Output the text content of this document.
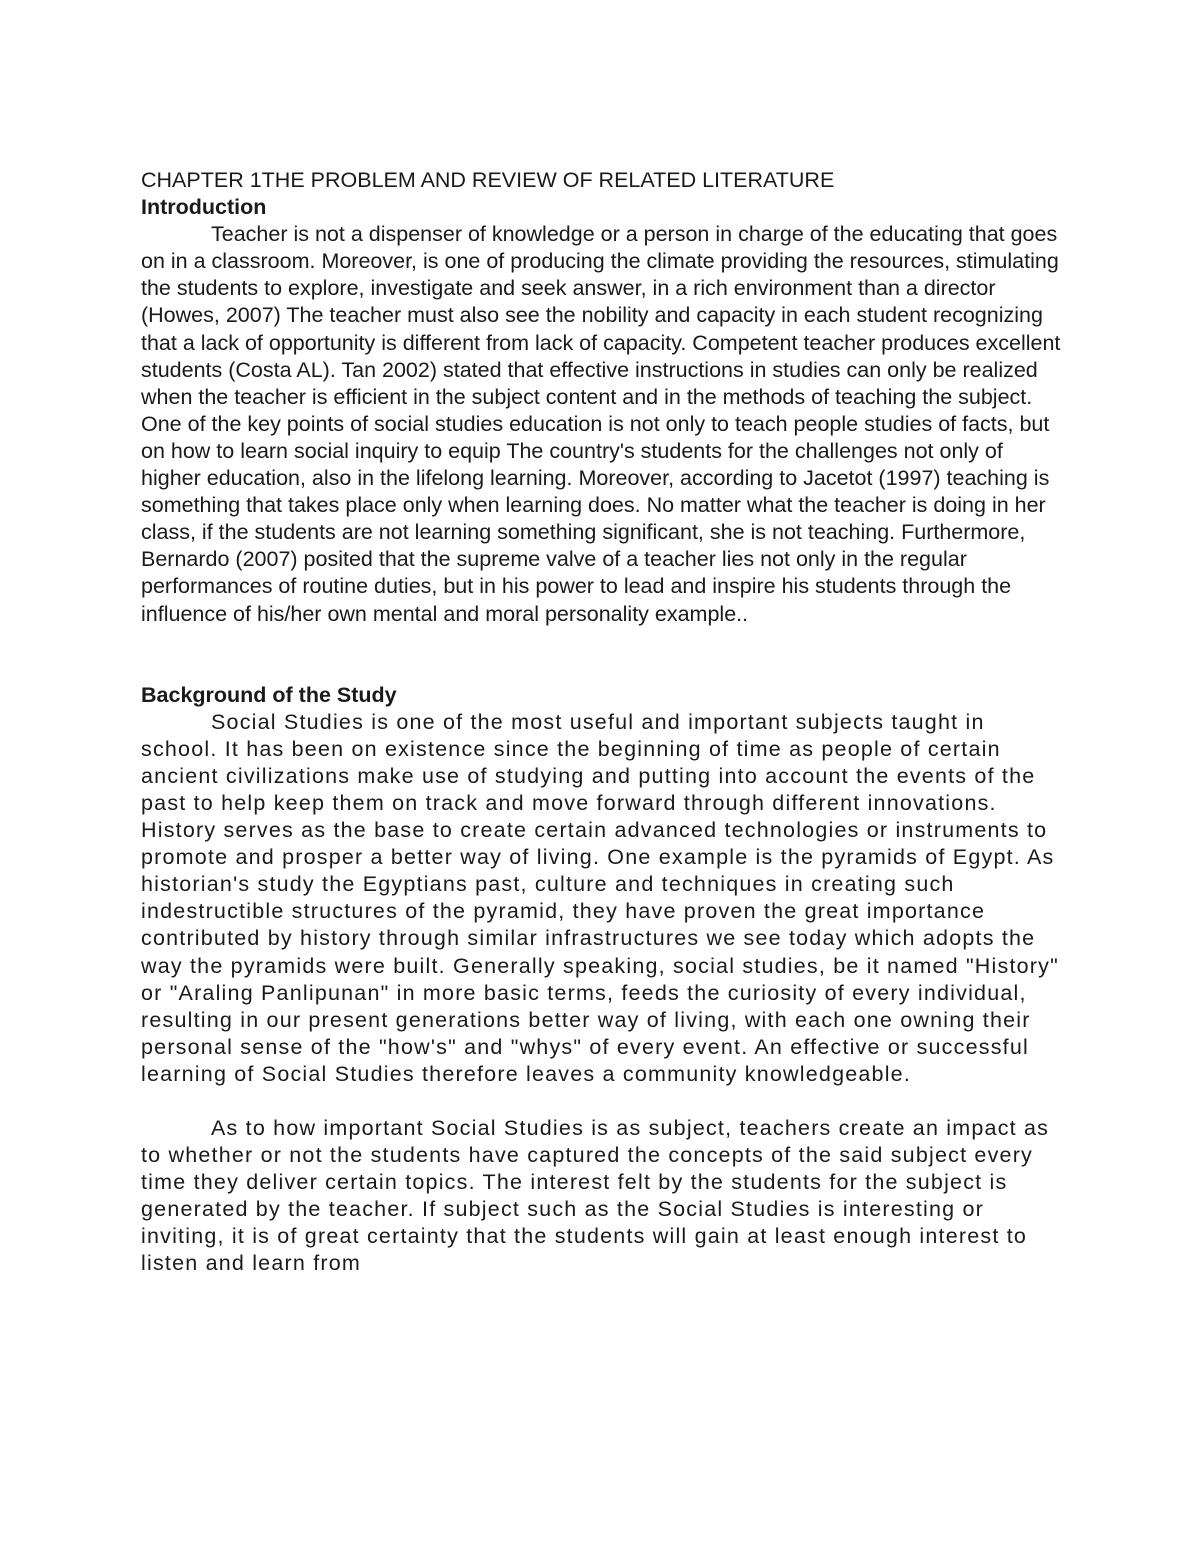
CHAPTER 1THE PROBLEM AND REVIEW OF RELATED LITERATURE

Introduction

Teacher is not a dispenser of knowledge or a person in charge of the educating that goes on in a classroom. Moreover, is one of producing the climate providing the resources, stimulating the students to explore, investigate and seek answer, in a rich environment than a director (Howes, 2007) The teacher must also see the nobility and capacity in each student recognizing that a lack of opportunity is different from lack of capacity. Competent teacher produces excellent students (Costa AL). Tan 2002) stated that effective instructions in studies can only be realized when the teacher is efficient in the subject content and in the methods of teaching the subject. One of the key points of social studies education is not only to teach people studies of facts, but on how to learn social inquiry to equip The country's students for the challenges not only of higher education, also in the lifelong learning. Moreover, according to Jacetot (1997) teaching is something that takes place only when learning does. No matter what the teacher is doing in her class, if the students are not learning something significant, she is not teaching. Furthermore, Bernardo (2007) posited that the supreme valve of a teacher lies not only in the regular performances of routine duties, but in his power to lead and inspire his students through the influence of his/her own mental and moral personality example..

Background of the Study

Social Studies is one of the most useful and important subjects taught in school. It has been on existence since the beginning of time as people of certain ancient civilizations make use of studying and putting into account the events of the past to help keep them on track and move forward through different innovations. History serves as the base to create certain advanced technologies or instruments to promote and prosper a better way of living. One example is the pyramids of Egypt. As historian's study the Egyptians past, culture and techniques in creating such indestructible structures of the pyramid, they have proven the great importance contributed by history through similar infrastructures we see today which adopts the way the pyramids were built. Generally speaking, social studies, be it named "History" or "Araling Panlipunan" in more basic terms, feeds the curiosity of every individual, resulting in our present generations better way of living, with each one owning their personal sense of the "how's" and "whys" of every event. An effective or successful learning of Social Studies therefore leaves a community knowledgeable.

As to how important Social Studies is as subject, teachers create an impact as to whether or not the students have captured the concepts of the said subject every time they deliver certain topics. The interest felt by the students for the subject is generated by the teacher. If subject such as the Social Studies is interesting or inviting, it is of great certainty that the students will gain at least enough interest to listen and learn from
